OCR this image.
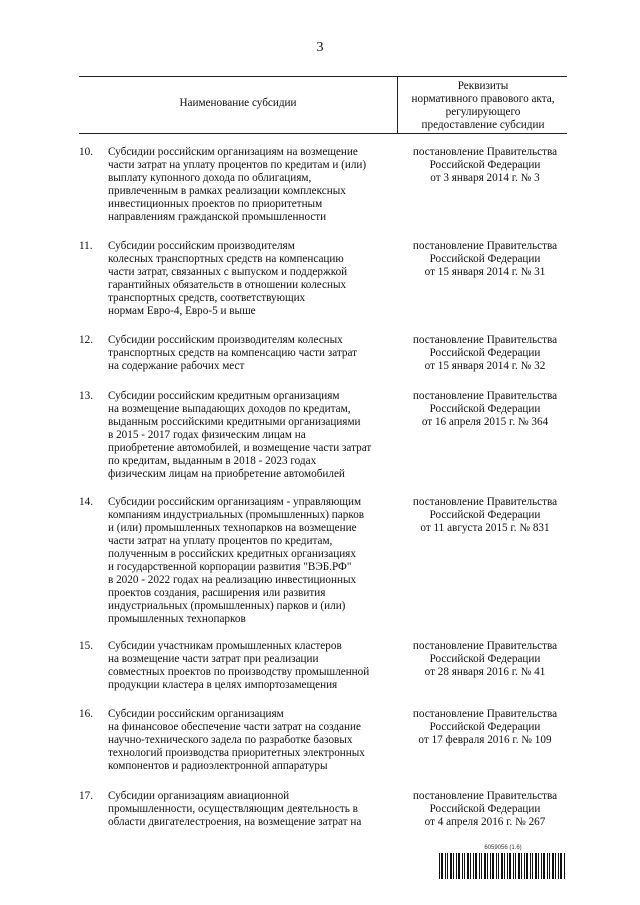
3
Наименование субсидии
Реквизиты
нормативного правового акта,
регулирующего
предоставление субсидии
10. Субсидии российским организациям на возмещение
части затрат на уплату процентов по кредитам и (или)
выплату купонного дохода по облигациям,
привлеченным в рамках реализации комплексных
инвестиционных проектов по приоритетным
направлениям гражданской промышленности
постановление Правительства
Российской Федерации
от 3 января 2014 г. № 3
11. Субсидии российским производителям
колесных транспортных средств на компенсацию
части затрат, связанных с выпуском и поддержкой
гарантийных обязательств в отношении колесных
транспортных средств, соответствующих
нормам Евро-4, Евро-5 и выше
постановление Правительства
Российской Федерации
от 15 января 2014 г. № 31
12. Субсидии российским производителям колесных
транспортных средств на компенсацию части затрат
на содержание рабочих мест
постановление Правительства
Российской Федерации
от 15 января 2014 г. № 32
13. Субсидии российским кредитным организациям
на возмещение выпадающих доходов по кредитам,
выданным российскими кредитными организациями
в 2015 - 2017 годах физическим лицам на
приобретение автомобилей, и возмещение части затрат
по кредитам, выданным в 2018 - 2023 годах
физическим лицам на приобретение автомобилей
постановление Правительства
Российской Федерации
от 16 апреля 2015 г. № 364
14. Субсидии российским организациям - управляющим
компаниям индустриальных (промышленных) парков
и (или) промышленных технопарков на возмещение
части затрат на уплату процентов по кредитам,
полученным в российских кредитных организациях
и государственной корпорации развития "ВЭБ.РФ"
в 2020 - 2022 годах на реализацию инвестиционных
проектов создания, расширения или развития
индустриальных (промышленных) парков и (или)
промышленных технопарков
постановление Правительства
Российской Федерации
от 11 августа 2015 г. № 831
15. Субсидии участникам промышленных кластеров
на возмещение части затрат при реализации
совместных проектов по производству промышленной
продукции кластера в целях импортозамещения
постановление Правительства
Российской Федерации
от 28 января 2016 г. № 41
16. Субсидии российским организациям
на финансовое обеспечение части затрат на создание
научно-технического задела по разработке базовых
технологий производства приоритетных электронных
компонентов и радиоэлектронной аппаратуры
постановление Правительства
Российской Федерации
от 17 февраля 2016 г. № 109
17. Субсидии организациям авиационной
промышленности, осуществляющим деятельность в
области двигателестроения, на возмещение затрат на
постановление Правительства
Российской Федерации
от 4 апреля 2016 г. № 267
6059056 (1.6)
